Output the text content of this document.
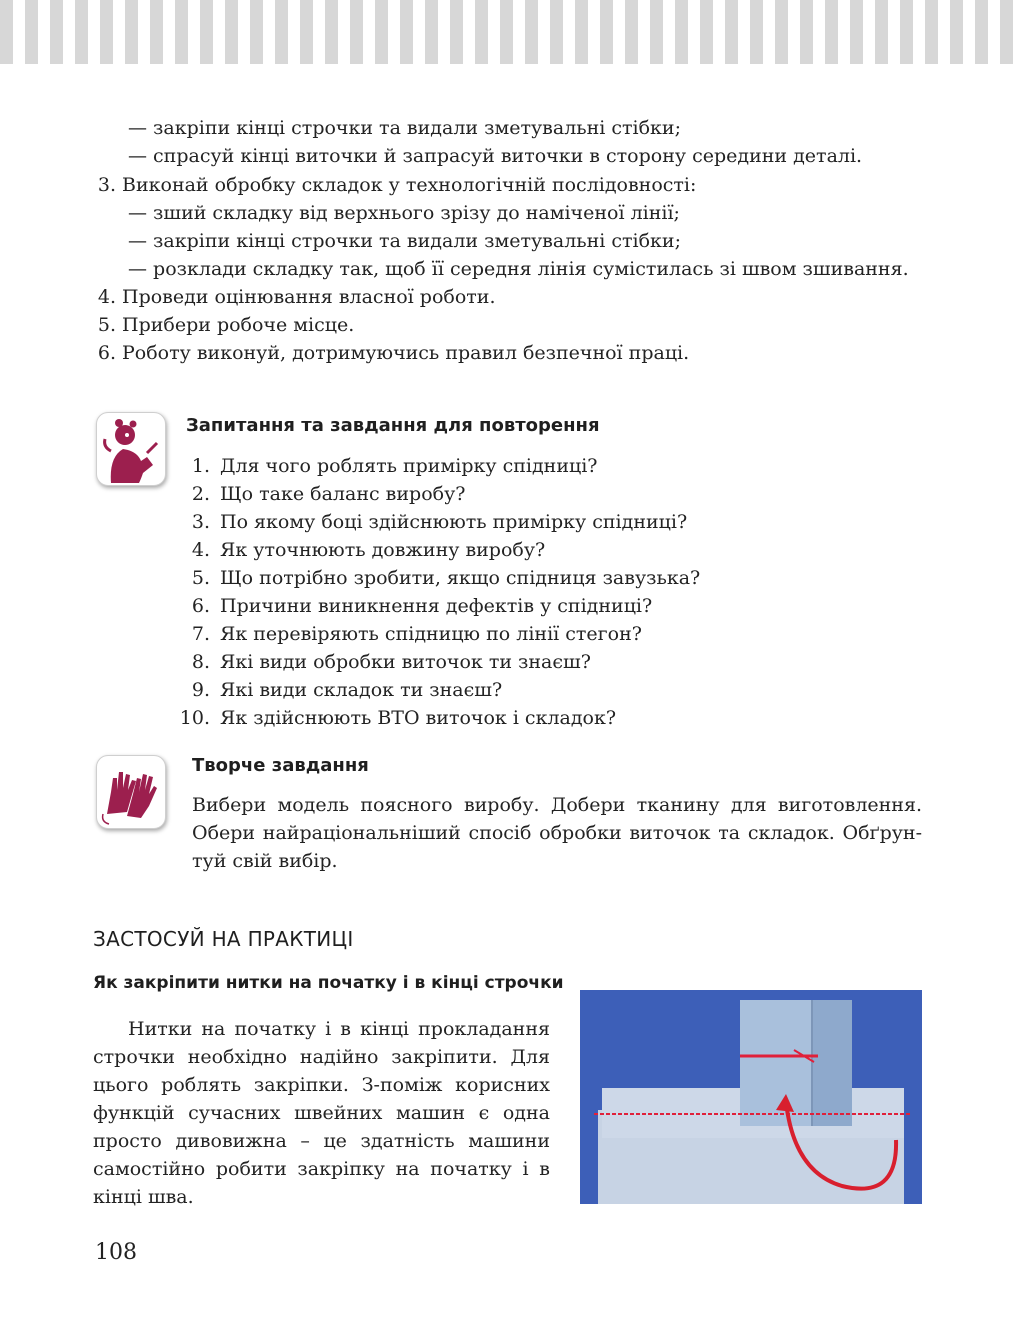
— закріпи кінці строчки та видали зметувальні стібки;
— спрасуй кінці виточки й запрасуй виточки в сторону середини деталі.
3. Виконай обробку складок у технологічній послідовності:
— зший складку від верхнього зрізу до наміченої лінії;
— закріпи кінці строчки та видали зметувальні стібки;
— розклади складку так, щоб її середня лінія сумістилась зі швом зшивання.
4. Проведи оцінювання власної роботи.
5. Прибери робоче місце.
6. Роботу виконуй, дотримуючись правил безпечної праці.
Запитання та завдання для повторення
1. Для чого роблять примірку спідниці?
2. Що таке баланс виробу?
3. По якому боці здійснюють примірку спідниці?
4. Як уточнюють довжину виробу?
5. Що потрібно зробити, якщо спідниця завузька?
6. Причини виникнення дефектів у спідниці?
7. Як перевіряють спідницю по лінії стегон?
8. Які види обробки виточок ти знаєш?
9. Які види складок ти знаєш?
10. Як здійснюють ВТО виточок і складок?
Творче завдання
Вибери модель поясного виробу. Добери тканину для виготовлення.
Обери найраціональніший спосіб обробки виточок та складок. Обґрун-
туй свій вибір.
ЗАСТОСУЙ НА ПРАКТИЦІ
Як закріпити нитки на початку і в кінці строчки
Нитки на початку і в кінці прокладання
строчки необхідно надійно закріпити. Для
цього роблять закріпки. З-поміж корисних
функцій сучасних швейних машин є одна
просто дивовижна – це здатність машини
самостійно робити закріпку на початку і в
кінці шва.
108
